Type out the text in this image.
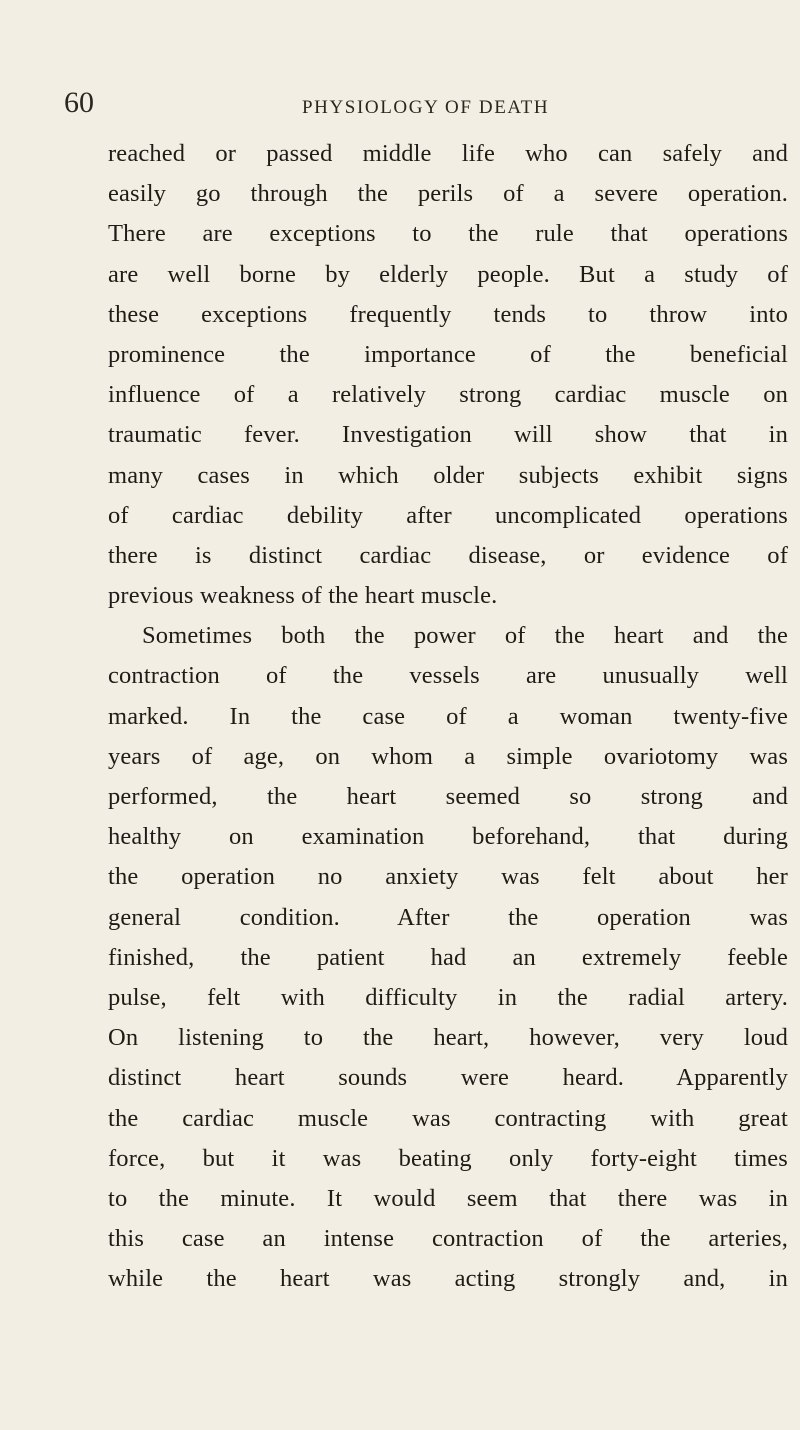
60	PHYSIOLOGY OF DEATH
reached or passed middle life who can safely and
easily go through the perils of a severe operation.
There are exceptions to the rule that operations
are well borne by elderly people. But a study of
these exceptions frequently tends to throw into
prominence the importance of the beneficial
influence of a relatively strong cardiac muscle on
traumatic fever. Investigation will show that in
many cases in which older subjects exhibit signs
of cardiac debility after uncomplicated operations
there is distinct cardiac disease, or evidence of
previous weakness of the heart muscle.
Sometimes both the power of the heart and the
contraction of the vessels are unusually well
marked. In the case of a woman twenty-five
years of age, on whom a simple ovariotomy was
performed, the heart seemed so strong and
healthy on examination beforehand, that during
the operation no anxiety was felt about her
general condition. After the operation was
finished, the patient had an extremely feeble
pulse, felt with difficulty in the radial artery.
On listening to the heart, however, very loud
distinct heart sounds were heard. Apparently
the cardiac muscle was contracting with great
force, but it was beating only forty-eight times
to the minute. It would seem that there was in
this case an intense contraction of the arteries,
while the heart was acting strongly and, in
